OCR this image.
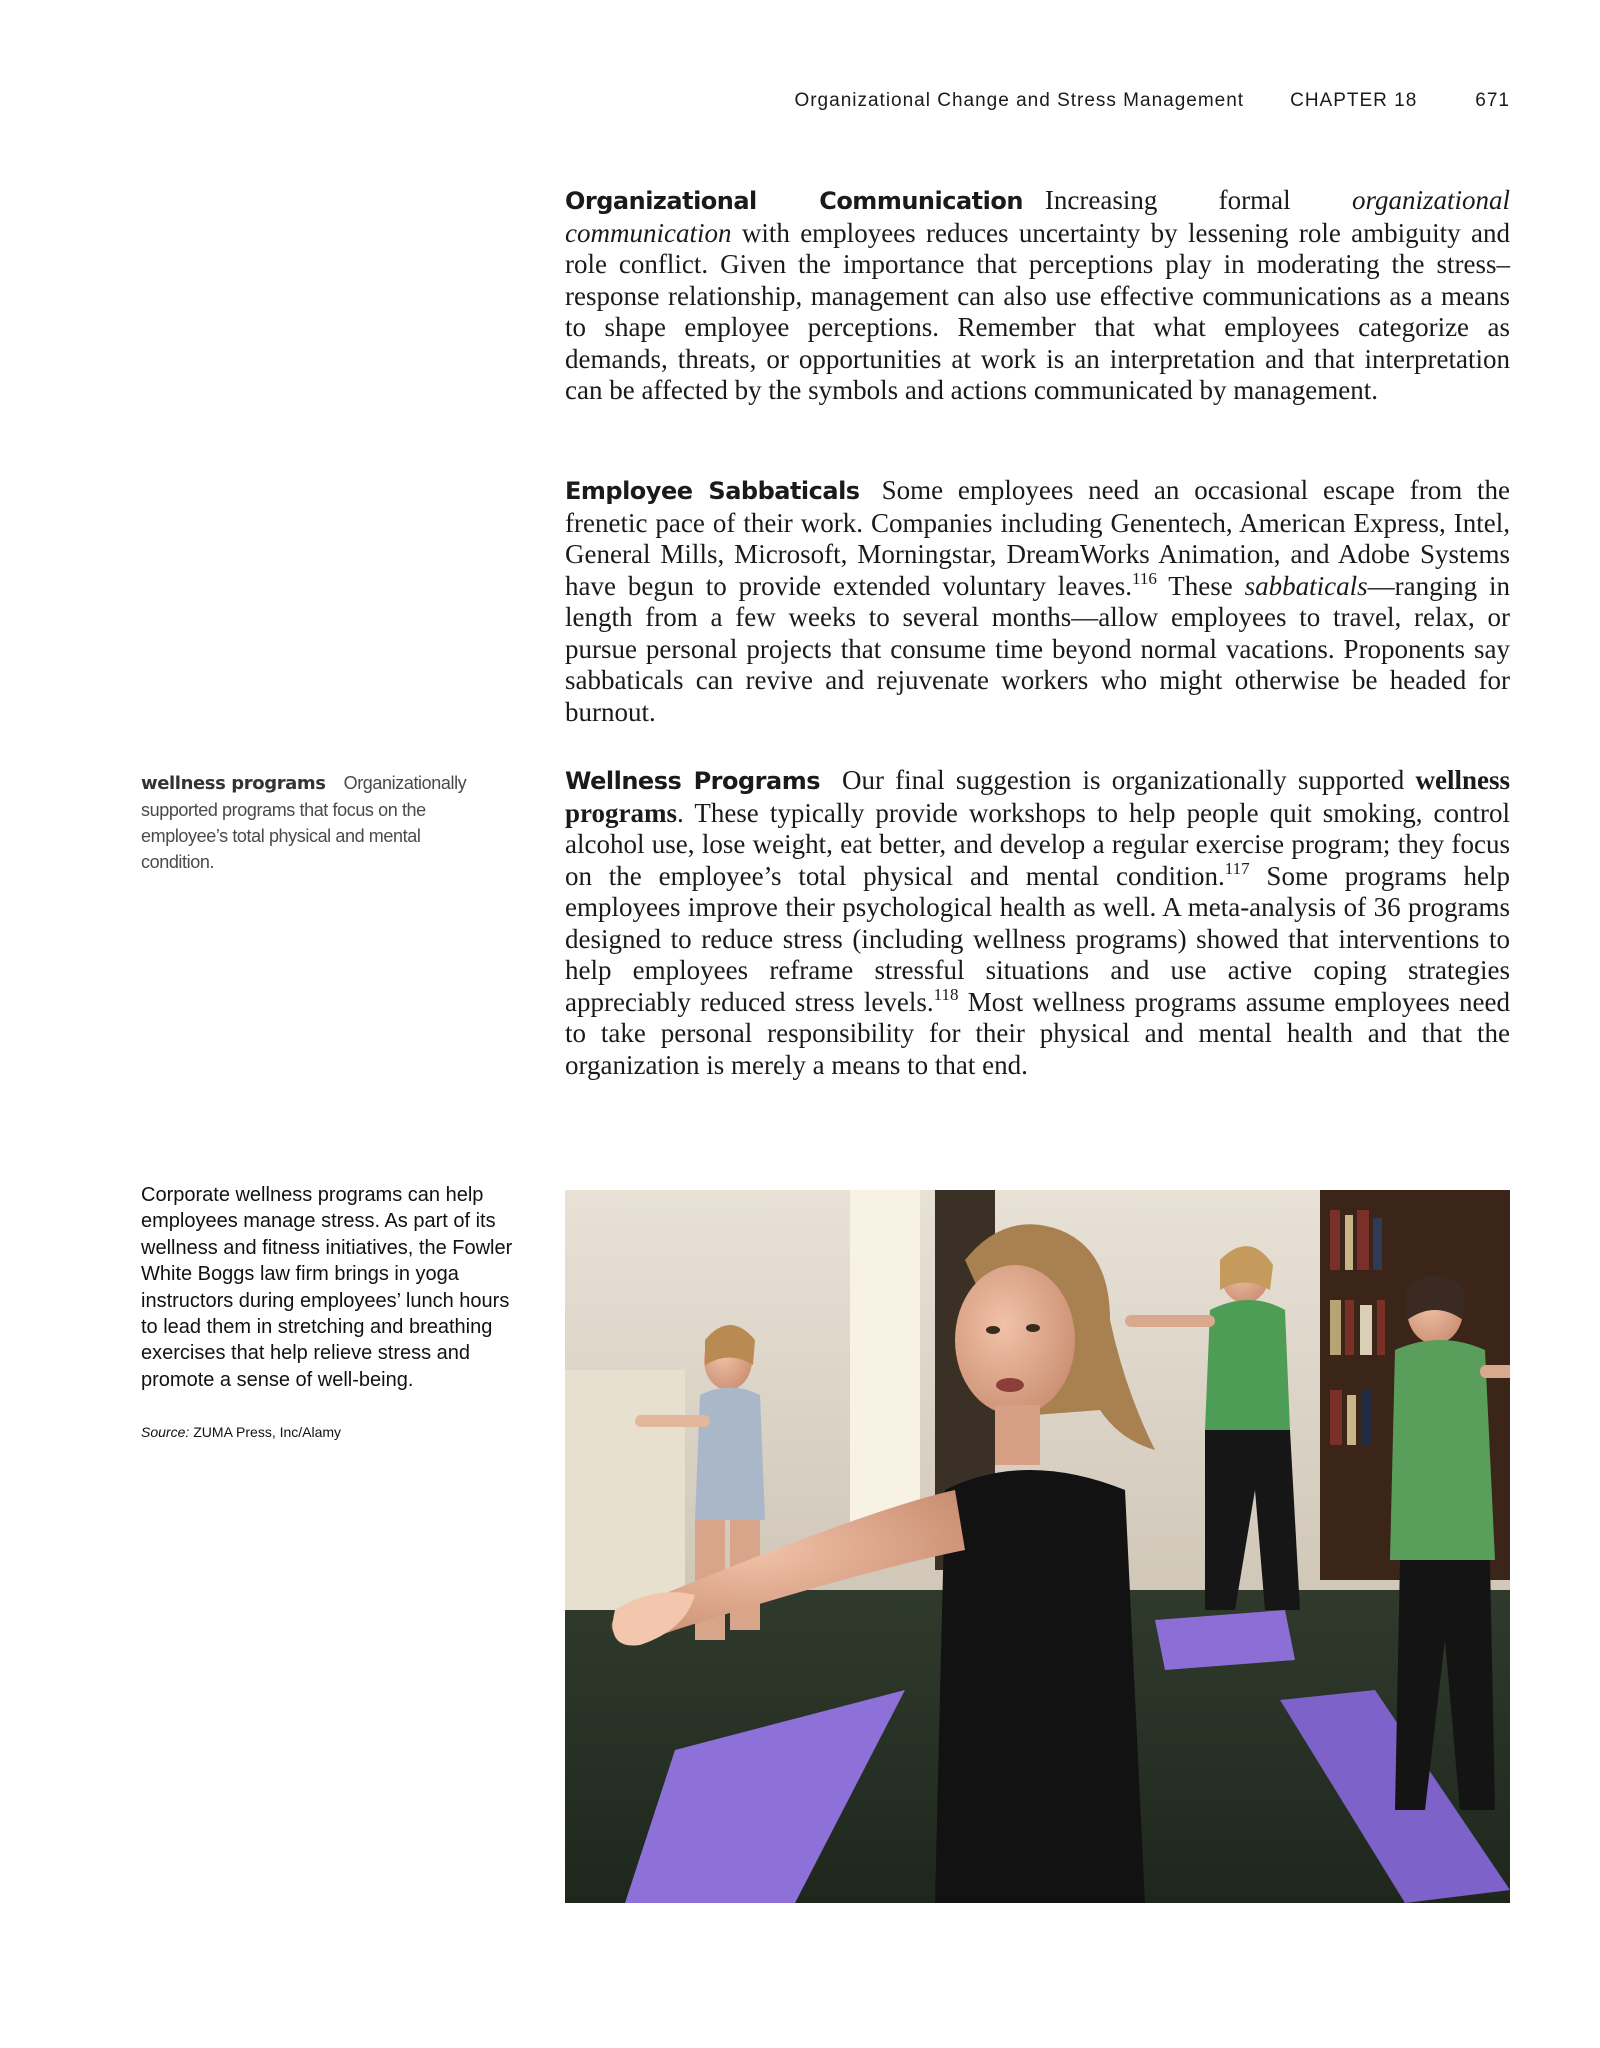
Organizational Change and Stress Management CHAPTER 18	671

Organizational Communication Increasing formal organizational communication with employees reduces uncertainty by lessening role ambiguity and role conflict. Given the importance that perceptions play in moderating the stress–response relationship, management can also use effective communications as a means to shape employee perceptions. Remember that what employees categorize as demands, threats, or opportunities at work is an interpretation and that interpretation can be affected by the symbols and actions communicated by management.

Employee Sabbaticals Some employees need an occasional escape from the frenetic pace of their work. Companies including Genentech, American Express, Intel, General Mills, Microsoft, Morningstar, DreamWorks Animation, and Adobe Systems have begun to provide extended voluntary leaves.$^{116}$ These sabbaticals—ranging in length from a few weeks to several months—allow employees to travel, relax, or pursue personal projects that consume time beyond normal vacations. Proponents say sabbaticals can revive and rejuvenate workers who might otherwise be headed for burnout.

Wellness Programs Our final suggestion is organizationally supported wellness programs. These typically provide workshops to help people quit smoking, control alcohol use, lose weight, eat better, and develop a regular exercise program; they focus on the employee’s total physical and mental condition.$^{117}$ Some programs help employees improve their psychological health as well. A meta-analysis of 36 programs designed to reduce stress (including wellness programs) showed that interventions to help employees reframe stressful situations and use active coping strategies appreciably reduced stress levels.$^{118}$ Most wellness programs assume employees need to take personal responsibility for their physical and mental health and that the organization is merely a means to that end.

wellness programs Organizationally supported programs that focus on the employee’s total physical and mental condition.
Corporate wellness programs can help employees manage stress. As part of its wellness and fitness initiatives, the Fowler White Boggs law firm brings in yoga instructors during employees’ lunch hours to lead them in stretching and breathing exercises that help relieve stress and promote a sense of well-being.
Source: ZUMA Press, Inc/Alamy
